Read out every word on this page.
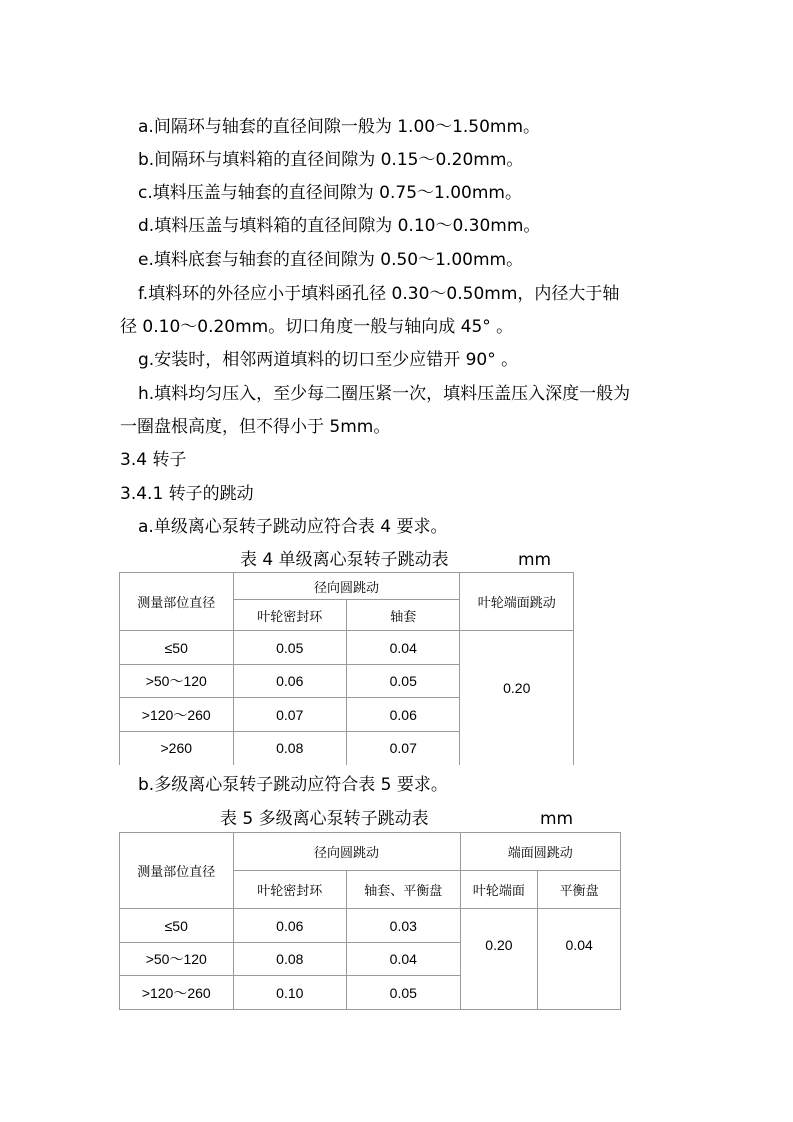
a.间隔环与轴套的直径间隙一般为 1.00～1.50mm。
b.间隔环与填料箱的直径间隙为 0.15～0.20mm。
c.填料压盖与轴套的直径间隙为 0.75～1.00mm。
d.填料压盖与填料箱的直径间隙为 0.10～0.30mm。
e.填料底套与轴套的直径间隙为 0.50～1.00mm。
f.填料环的外径应小于填料函孔径 0.30～0.50mm，内径大于轴
径 0.10～0.20mm。切口角度一般与轴向成 45° 。
g.安装时，相邻两道填料的切口至少应错开 90° 。
h.填料均匀压入，至少每二圈压紧一次，填料压盖压入深度一般为
一圈盘根高度，但不得小于 5mm。
3.4 转子
3.4.1 转子的跳动
a.单级离心泵转子跳动应符合表 4 要求。
表 4 单级离心泵转子跳动表	mm
测量部位直径	径向圆跳动		叶轮端面跳动
	叶轮密封环	轴套	
≤50	0.05	0.04	0.20
>50～120	0.06	0.05	
>120～260	0.07	0.06	
>260	0.08	0.07	
b.多级离心泵转子跳动应符合表 5 要求。
表 5 多级离心泵转子跳动表	mm
测量部位直径	径向圆跳动		端面圆跳动	
	叶轮密封环	轴套、平衡盘	叶轮端面	平衡盘
≤50	0.06	0.03	0.20	0.04
>50～120	0.08	0.04		
>120～260	0.10	0.05		
